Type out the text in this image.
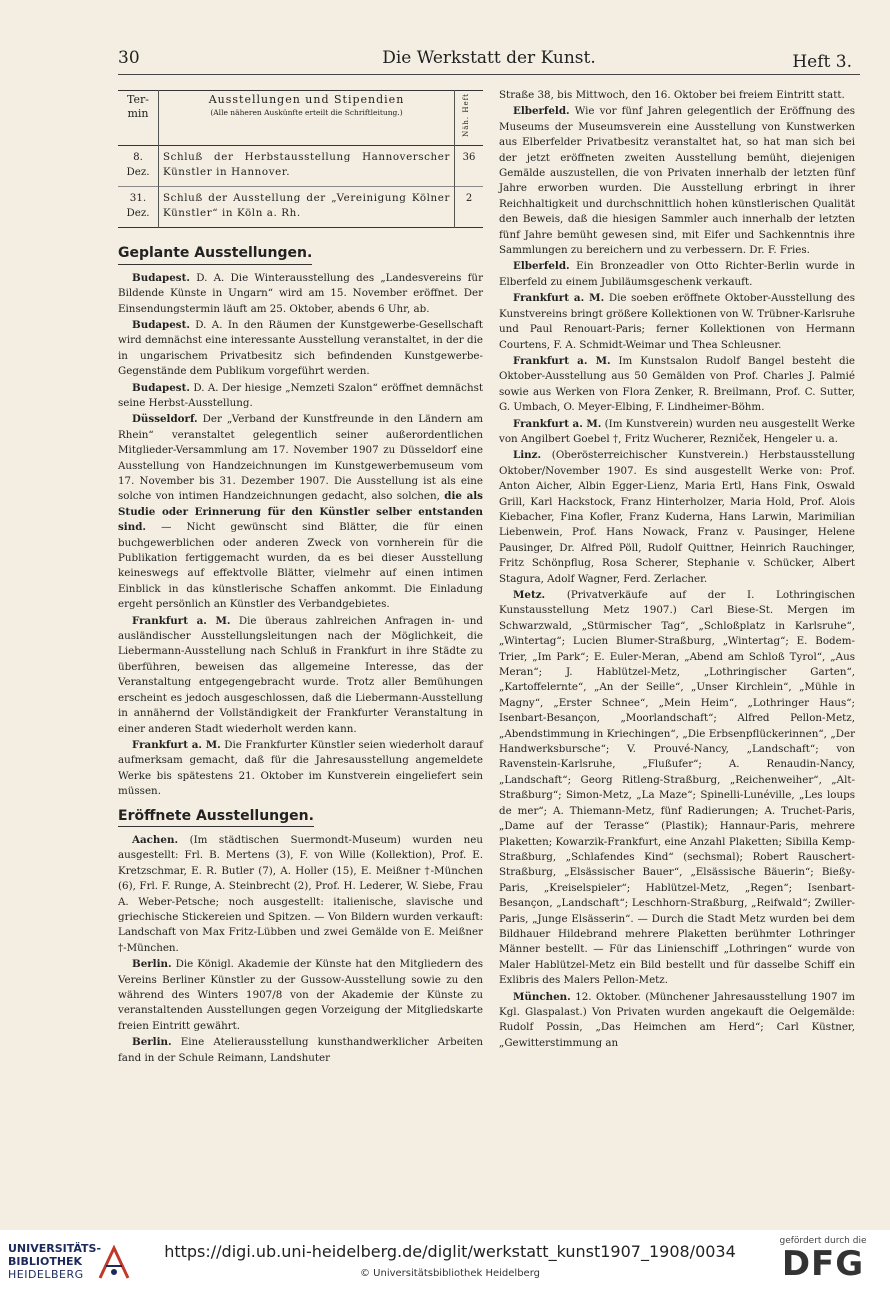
30	Die Werkstatt der Kunst.	Heft 3.
Ter-
min	Ausstellungen und Stipendien
(Alle näheren Auskünfte erteilt die Schriftleitung.)	Näh. Heft
8.
Dez.	Schluß der Herbstausstellung Hannoverscher Künstler in Hannover.	36
31.
Dez.	Schluß der Ausstellung der „Vereinigung Kölner Künstler“ in Köln a. Rh.	2
Geplante Ausstellungen.

Budapest. D. A. Die Winterausstellung des „Landesvereins für Bildende Künste in Ungarn“ wird am 15. November eröffnet. Der Einsendungstermin läuft am 25. Oktober, abends 6 Uhr, ab.

Budapest. D. A. In den Räumen der Kunstgewerbe-Gesellschaft wird demnächst eine interessante Ausstellung veranstaltet, in der die in ungarischem Privatbesitz sich befindenden Kunstgewerbe-Gegenstände dem Publikum vorgeführt werden.

Budapest. D. A. Der hiesige „Nemzeti Szalon“ eröffnet demnächst seine Herbst-Ausstellung.

Düsseldorf. Der „Verband der Kunstfreunde in den Ländern am Rhein“ veranstaltet gelegentlich seiner außerordentlichen Mitglieder-Versammlung am 17. November 1907 zu Düsseldorf eine Ausstellung von Handzeichnungen im Kunstgewerbemuseum vom 17. November bis 31. Dezember 1907. Die Ausstellung ist als eine solche von intimen Handzeichnungen gedacht, also solchen, die als Studie oder Erinnerung für den Künstler selber entstanden sind. — Nicht gewünscht sind Blätter, die für einen buchgewerblichen oder anderen Zweck von vornherein für die Publikation fertiggemacht wurden, da es bei dieser Ausstellung keineswegs auf effektvolle Blätter, vielmehr auf einen intimen Einblick in das künstlerische Schaffen ankommt. Die Einladung ergeht persönlich an Künstler des Verbandgebietes.

Frankfurt a. M. Die überaus zahlreichen Anfragen in- und ausländischer Ausstellungsleitungen nach der Möglichkeit, die Liebermann-Ausstellung nach Schluß in Frankfurt in ihre Städte zu überführen, beweisen das allgemeine Interesse, das der Veranstaltung entgegengebracht wurde. Trotz aller Bemühungen erscheint es jedoch ausgeschlossen, daß die Liebermann-Ausstellung in annähernd der Vollständigkeit der Frankfurter Veranstaltung in einer anderen Stadt wiederholt werden kann.

Frankfurt a. M. Die Frankfurter Künstler seien wiederholt darauf aufmerksam gemacht, daß für die Jahresausstellung angemeldete Werke bis spätestens 21. Oktober im Kunstverein eingeliefert sein müssen.

Eröffnete Ausstellungen.

Aachen. (Im städtischen Suermondt-Museum) wurden neu ausgestellt: Frl. B. Mertens (3), F. von Wille (Kollektion), Prof. E. Kretzschmar, E. R. Butler (7), A. Holler (15), E. Meißner †-München (6), Frl. F. Runge, A. Steinbrecht (2), Prof. H. Lederer, W. Siebe, Frau A. Weber-Petsche; noch ausgestellt: italienische, slavische und griechische Stickereien und Spitzen. — Von Bildern wurden verkauft: Landschaft von Max Fritz-Lübben und zwei Gemälde von E. Meißner †-München.

Berlin. Die Königl. Akademie der Künste hat den Mitgliedern des Vereins Berliner Künstler zu der Gussow-Ausstellung sowie zu den während des Winters 1907/8 von der Akademie der Künste zu veranstaltenden Ausstellungen gegen Vorzeigung der Mitgliedskarte freien Eintritt gewährt.

Berlin. Eine Atelierausstellung kunsthandwerklicher Arbeiten fand in der Schule Reimann, Landshuter

Straße 38, bis Mittwoch, den 16. Oktober bei freiem Eintritt statt.

Elberfeld. Wie vor fünf Jahren gelegentlich der Eröffnung des Museums der Museumsverein eine Ausstellung von Kunstwerken aus Elberfelder Privatbesitz veranstaltet hat, so hat man sich bei der jetzt eröffneten zweiten Ausstellung bemüht, diejenigen Gemälde auszustellen, die von Privaten innerhalb der letzten fünf Jahre erworben wurden. Die Ausstellung erbringt in ihrer Reichhaltigkeit und durchschnittlich hohen künstlerischen Qualität den Beweis, daß die hiesigen Sammler auch innerhalb der letzten fünf Jahre bemüht gewesen sind, mit Eifer und Sachkenntnis ihre Sammlungen zu bereichern und zu verbessern. Dr. F. Fries.

Elberfeld. Ein Bronzeadler von Otto Richter-Berlin wurde in Elberfeld zu einem Jubiläumsgeschenk verkauft.

Frankfurt a. M. Die soeben eröffnete Oktober-Ausstellung des Kunstvereins bringt größere Kollektionen von W. Trübner-Karlsruhe und Paul Renouart-Paris; ferner Kollektionen von Hermann Courtens, F. A. Schmidt-Weimar und Thea Schleusner.

Frankfurt a. M. Im Kunstsalon Rudolf Bangel besteht die Oktober-Ausstellung aus 50 Gemälden von Prof. Charles J. Palmié sowie aus Werken von Flora Zenker, R. Breilmann, Prof. C. Sutter, G. Umbach, O. Meyer-Elbing, F. Lindheimer-Böhm.

Frankfurt a. M. (Im Kunstverein) wurden neu ausgestellt Werke von Angilbert Goebel †, Fritz Wucherer, Rezniček, Hengeler u. a.

Linz. (Oberösterreichischer Kunstverein.) Herbstausstellung Oktober/November 1907. Es sind ausgestellt Werke von: Prof. Anton Aicher, Albin Egger-Lienz, Maria Ertl, Hans Fink, Oswald Grill, Karl Hackstock, Franz Hinterholzer, Maria Hold, Prof. Alois Kiebacher, Fina Kofler, Franz Kuderna, Hans Larwin, Marimilian Liebenwein, Prof. Hans Nowack, Franz v. Pausinger, Helene Pausinger, Dr. Alfred Pöll, Rudolf Quittner, Heinrich Rauchinger, Fritz Schönpflug, Rosa Scherer, Stephanie v. Schücker, Albert Stagura, Adolf Wagner, Ferd. Zerlacher.

Metz. (Privatverkäufe auf der I. Lothringischen Kunstausstellung Metz 1907.) Carl Biese-St. Mergen im Schwarzwald, „Stürmischer Tag“, „Schloßplatz in Karlsruhe“, „Wintertag“; Lucien Blumer-Straßburg, „Wintertag“; E. Bodem-Trier, „Im Park“; E. Euler-Meran, „Abend am Schloß Tyrol“, „Aus Meran“; J. Hablützel-Metz, „Lothringischer Garten“, „Kartoffelernte“, „An der Seille“, „Unser Kirchlein“, „Mühle in Magny“, „Erster Schnee“, „Mein Heim“, „Lothringer Haus“; Isenbart-Besançon, „Moorlandschaft“; Alfred Pellon-Metz, „Abendstimmung in Kriechingen“, „Die Erbsenpflückerinnen“, „Der Handwerksbursche“; V. Prouvé-Nancy, „Landschaft“; von Ravenstein-Karlsruhe, „Flußufer“; A. Renaudin-Nancy, „Landschaft“; Georg Ritleng-Straßburg, „Reichenweiher“, „Alt-Straßburg“; Simon-Metz, „La Maze“; Spinelli-Lunéville, „Les loups de mer“; A. Thiemann-Metz, fünf Radierungen; A. Truchet-Paris, „Dame auf der Terasse“ (Plastik); Hannaur-Paris, mehrere Plaketten; Kowarzik-Frankfurt, eine Anzahl Plaketten; Sibilla Kemp-Straßburg, „Schlafendes Kind“ (sechsmal); Robert Rauschert-Straßburg, „Elsässischer Bauer“, „Elsässische Bäuerin“; Bießy-Paris, „Kreiselspieler“; Hablützel-Metz, „Regen“; Isenbart-Besançon, „Landschaft“; Leschhorn-Straßburg, „Reifwald“; Zwiller-Paris, „Junge Elsässerin“. — Durch die Stadt Metz wurden bei dem Bildhauer Hildebrand mehrere Plaketten berühmter Lothringer Männer bestellt. — Für das Linienschiff „Lothringen“ wurde von Maler Hablützel-Metz ein Bild bestellt und für dasselbe Schiff ein Exlibris des Malers Pellon-Metz.

München. 12. Oktober. (Münchener Jahresausstellung 1907 im Kgl. Glaspalast.) Von Privaten wurden angekauft die Oelgemälde: Rudolf Possin, „Das Heimchen am Herd“; Carl Küstner, „Gewitterstimmung an

UNIVERSITÄTS-
BIBLIOTHEK
HEIDELBERG
https://digi.ub.uni-heidelberg.de/diglit/werkstatt_kunst1907_1908/0034
© Universitätsbibliothek Heidelberg
gefördert durch die
DFG
